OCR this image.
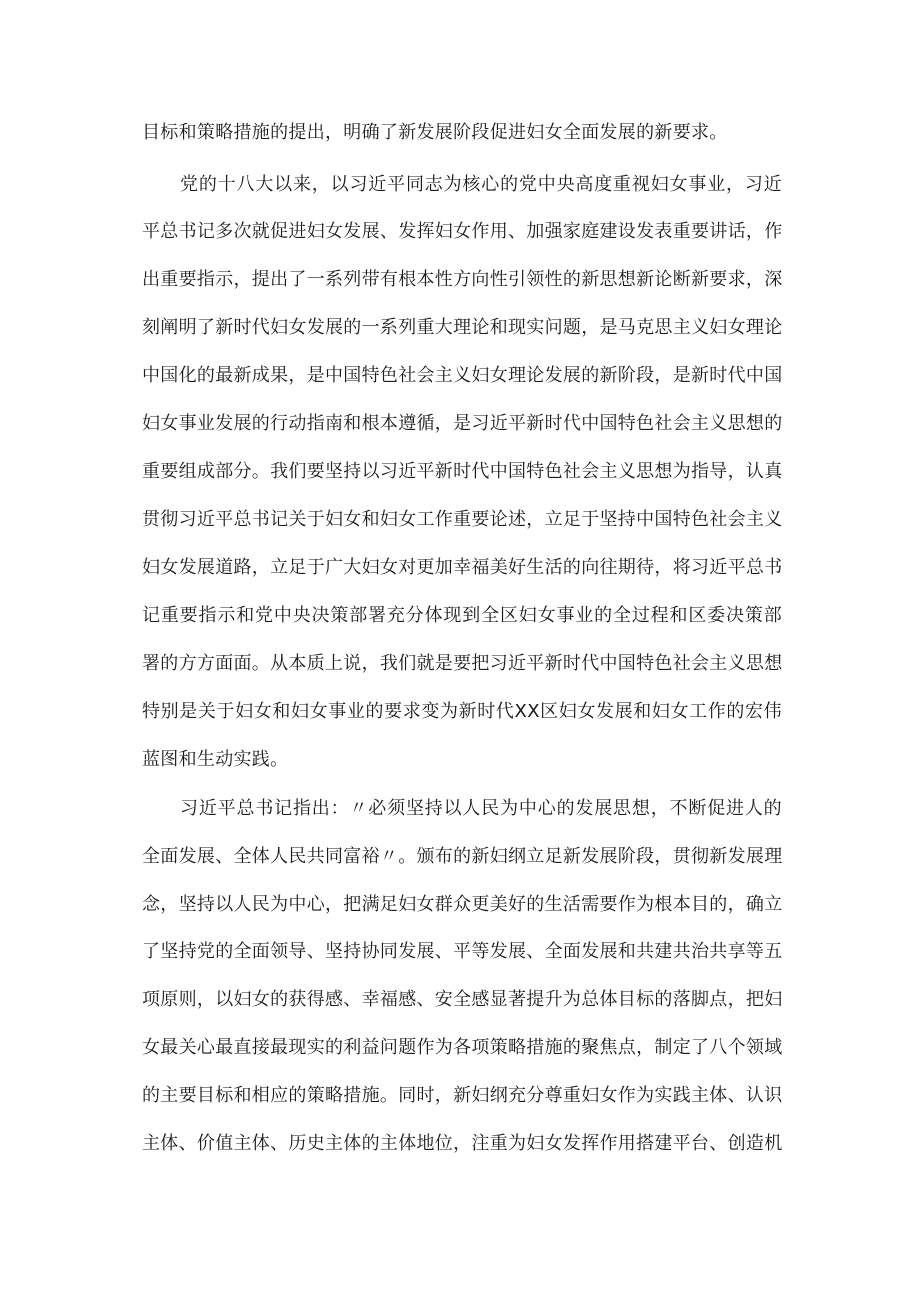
目标和策略措施的提出，明确了新发展阶段促进妇女全面发展的新要求。
党的十八大以来，以习近平同志为核心的党中央高度重视妇女事业，习近
平总书记多次就促进妇女发展、发挥妇女作用、加强家庭建设发表重要讲话，作
出重要指示，提出了一系列带有根本性方向性引领性的新思想新论断新要求，深
刻阐明了新时代妇女发展的一系列重大理论和现实问题，是马克思主义妇女理论
中国化的最新成果，是中国特色社会主义妇女理论发展的新阶段，是新时代中国
妇女事业发展的行动指南和根本遵循，是习近平新时代中国特色社会主义思想的
重要组成部分。我们要坚持以习近平新时代中国特色社会主义思想为指导，认真
贯彻习近平总书记关于妇女和妇女工作重要论述，立足于坚持中国特色社会主义
妇女发展道路，立足于广大妇女对更加幸福美好生活的向往期待，将习近平总书
记重要指示和党中央决策部署充分体现到全区妇女事业的全过程和区委决策部
署的方方面面。从本质上说，我们就是要把习近平新时代中国特色社会主义思想
特别是关于妇女和妇女事业的要求变为新时代XX区妇女发展和妇女工作的宏伟
蓝图和生动实践。
习近平总书记指出：〃必须坚持以人民为中心的发展思想，不断促进人的
全面发展、全体人民共同富裕〃。颁布的新妇纲立足新发展阶段，贯彻新发展理
念，坚持以人民为中心，把满足妇女群众更美好的生活需要作为根本目的，确立
了坚持党的全面领导、坚持协同发展、平等发展、全面发展和共建共治共享等五
项原则，以妇女的获得感、幸福感、安全感显著提升为总体目标的落脚点，把妇
女最关心最直接最现实的利益问题作为各项策略措施的聚焦点，制定了八个领域
的主要目标和相应的策略措施。同时，新妇纲充分尊重妇女作为实践主体、认识
主体、价值主体、历史主体的主体地位，注重为妇女发挥作用搭建平台、创造机
